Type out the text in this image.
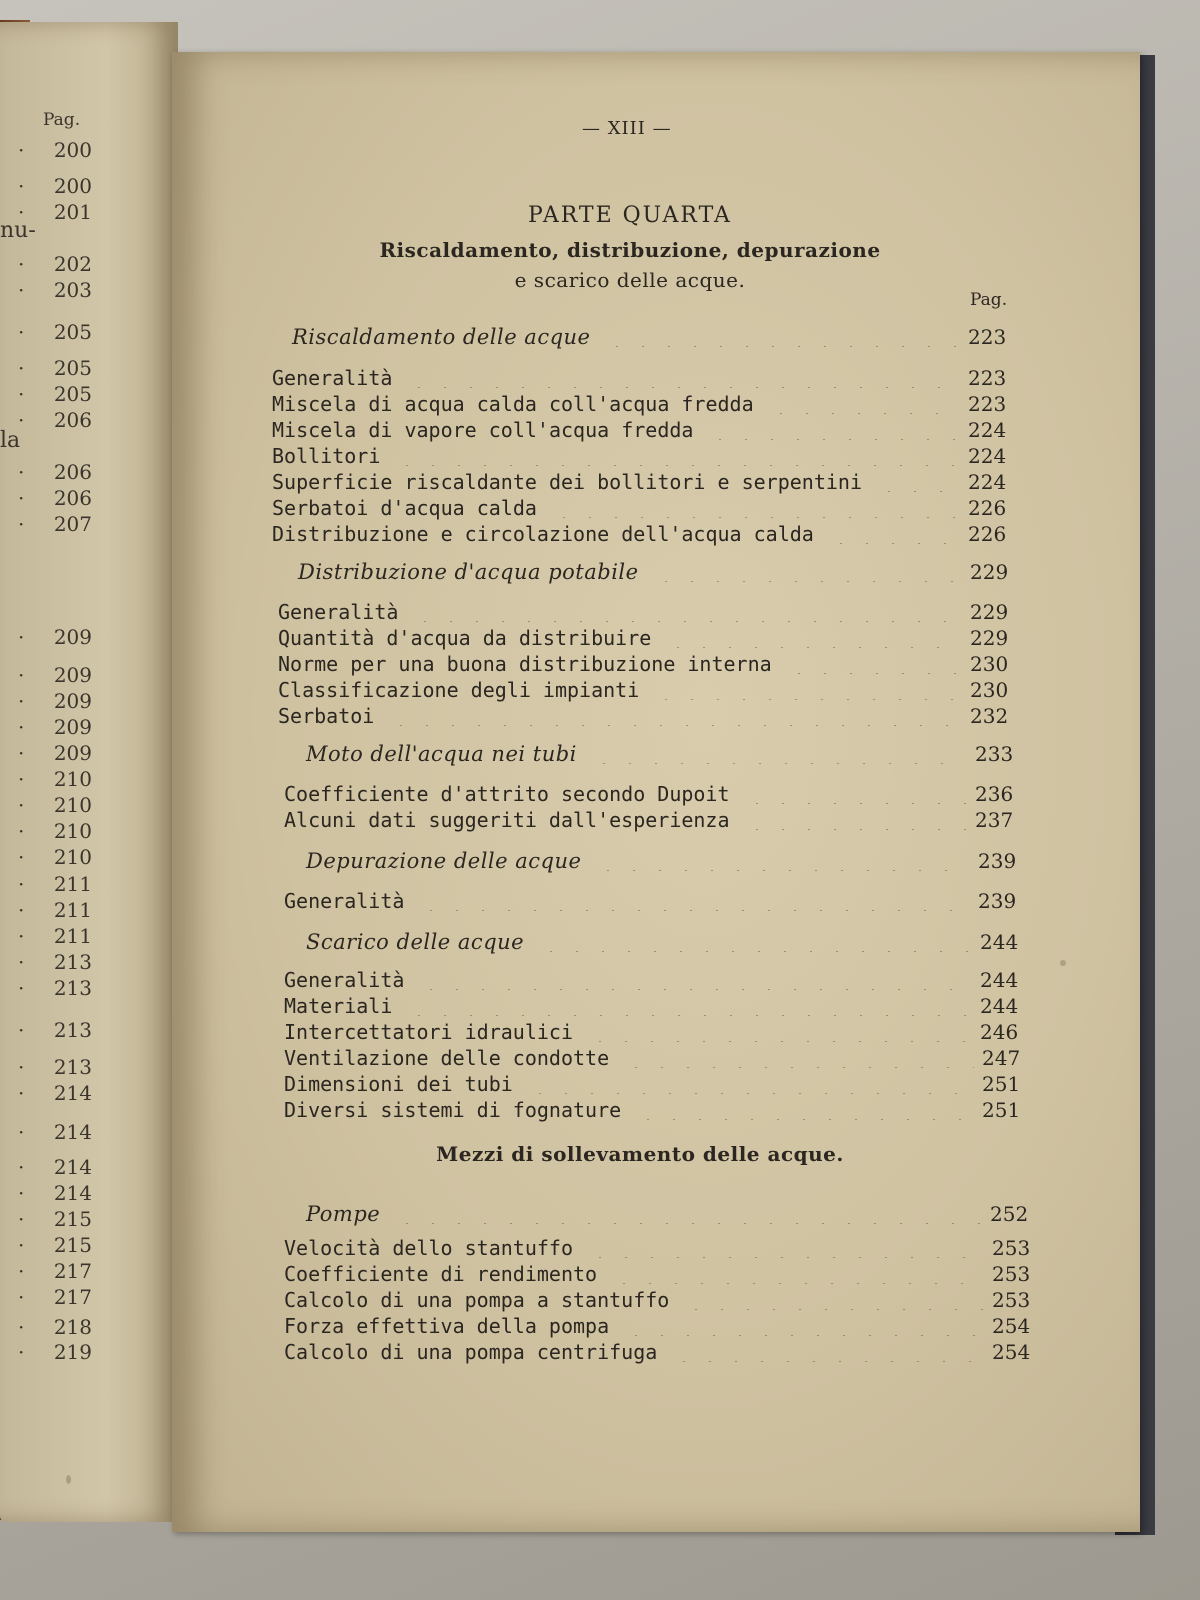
Pag.
nu-
la
· 200
· 200
· 201
· 202
· 203
· 205
· 205
· 205
· 206
· 206
· 206
· 207
· 209
· 209
· 209
· 209
· 209
· 210
· 210
· 210
· 210
· 211
· 211
· 211
· 213
· 213
· 213
· 213
· 214
· 214
· 214
· 214
· 215
· 215
· 217
· 217
· 218
· 219
— XIII —
PARTE QUARTA
Riscaldamento, distribuzione, depurazione
e scarico delle acque.
Pag.
Mezzi di sollevamento delle acque.
Riscaldamento delle acque	223
Generalità	223
Miscela di acqua calda coll'acqua fredda	223
Miscela di vapore coll'acqua fredda	224
Bollitori	224
Superficie riscaldante dei bollitori e serpentini	224
Serbatoi d'acqua calda	226
Distribuzione e circolazione dell'acqua calda	226
Distribuzione d'acqua potabile	229
Generalità	229
Quantità d'acqua da distribuire	229
Norme per una buona distribuzione interna	230
Classificazione degli impianti	230
Serbatoi	232
Moto dell'acqua nei tubi	233
Coefficiente d'attrito secondo Dupoit	236
Alcuni dati suggeriti dall'esperienza	237
Depurazione delle acque	239
Generalità	239
Scarico delle acque	244
Generalità	244
Materiali	244
Intercettatori idraulici	246
Ventilazione delle condotte	247
Dimensioni dei tubi	251
Diversi sistemi di fognature	251
Pompe	252
Velocità dello stantuffo	253
Coefficiente di rendimento	253
Calcolo di una pompa a stantuffo	253
Forza effettiva della pompa	254
Calcolo di una pompa centrifuga	254
